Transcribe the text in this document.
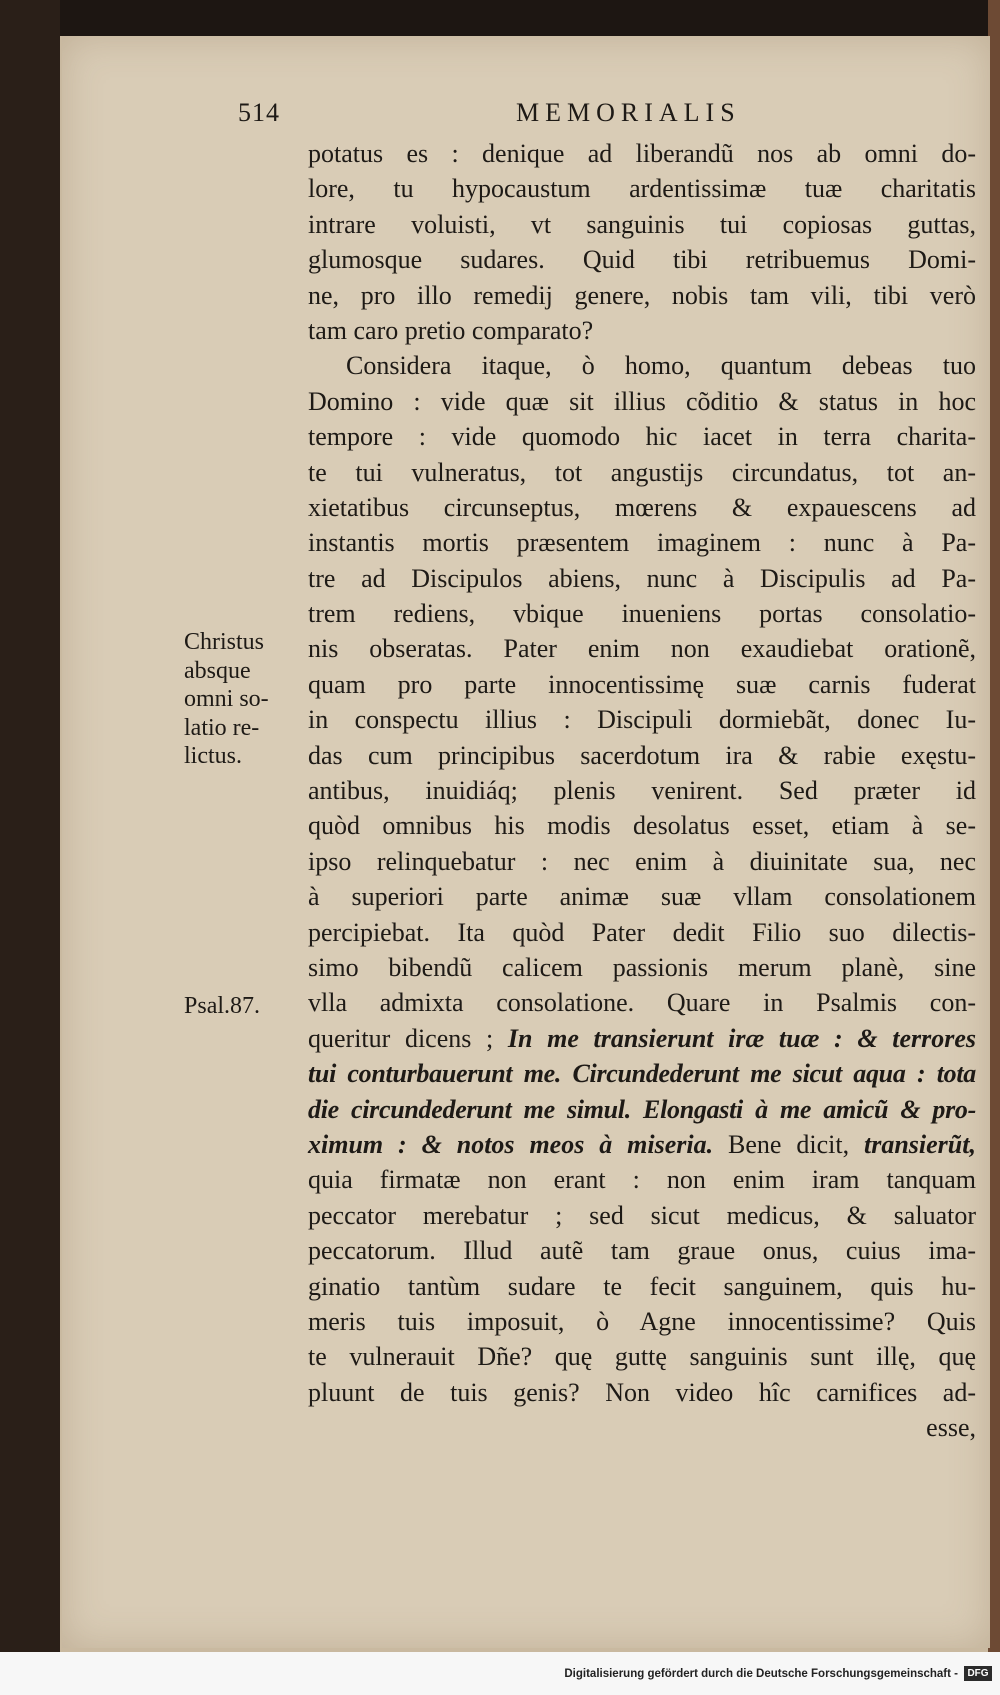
514	MEMORIALIS
potatus es : denique ad liberandũ nos ab omni do-
lore, tu hypocaustum ardentissimæ tuæ charitatis
intrare voluisti, vt sanguinis tui copiosas guttas,
glumosque sudares. Quid tibi retribuemus Domi-
ne, pro illo remedij genere, nobis tam vili, tibi verò
tam caro pretio comparato?
Considera itaque, ò homo, quantum debeas tuo
Domino : vide quæ sit illius cõditio & status in hoc
tempore : vide quomodo hic iacet in terra charita-
te tui vulneratus, tot angustijs circundatus, tot an-
xietatibus circunseptus, mœrens & expauescens ad
instantis mortis præsentem imaginem : nunc à Pa-
tre ad Discipulos abiens, nunc à Discipulis ad Pa-
trem rediens, vbique inueniens portas consolatio-
nis obseratas. Pater enim non exaudiebat orationẽ,
quam pro parte innocentissimę suæ carnis fuderat
in conspectu illius : Discipuli dormiebãt, donec Iu-
das cum principibus sacerdotum ira & rabie exęstu-
antibus, inuidiáq; plenis venirent. Sed præter id
quòd omnibus his modis desolatus esset, etiam à se-
ipso relinquebatur : nec enim à diuinitate sua, nec
à superiori parte animæ suæ vllam consolationem
percipiebat. Ita quòd Pater dedit Filio suo dilectis-
simo bibendũ calicem passionis merum planè, sine
vlla admixta consolatione. Quare in Psalmis con-
queritur dicens ; In me transierunt iræ tuæ : & terrores
tui conturbauerunt me. Circundederunt me sicut aqua : tota
die circundederunt me simul. Elongasti à me amicũ & pro-
ximum : & notos meos à miseria. Bene dicit, transierũt,
quia firmatæ non erant : non enim iram tanquam
peccator merebatur ; sed sicut medicus, & saluator
peccatorum. Illud autẽ tam graue onus, cuius ima-
ginatio tantùm sudare te fecit sanguinem, quis hu-
meris tuis imposuit, ò Agne innocentissime? Quis
te vulnerauit Dñe? quę guttę sanguinis sunt illę, quę
pluunt de tuis genis? Non video hîc carnifices ad-
esse,
Christus
absque
omni so-
latio re-
lictus.
Psal.87.
Digitalisierung gefördert durch die Deutsche Forschungsgemeinschaft - DFG
